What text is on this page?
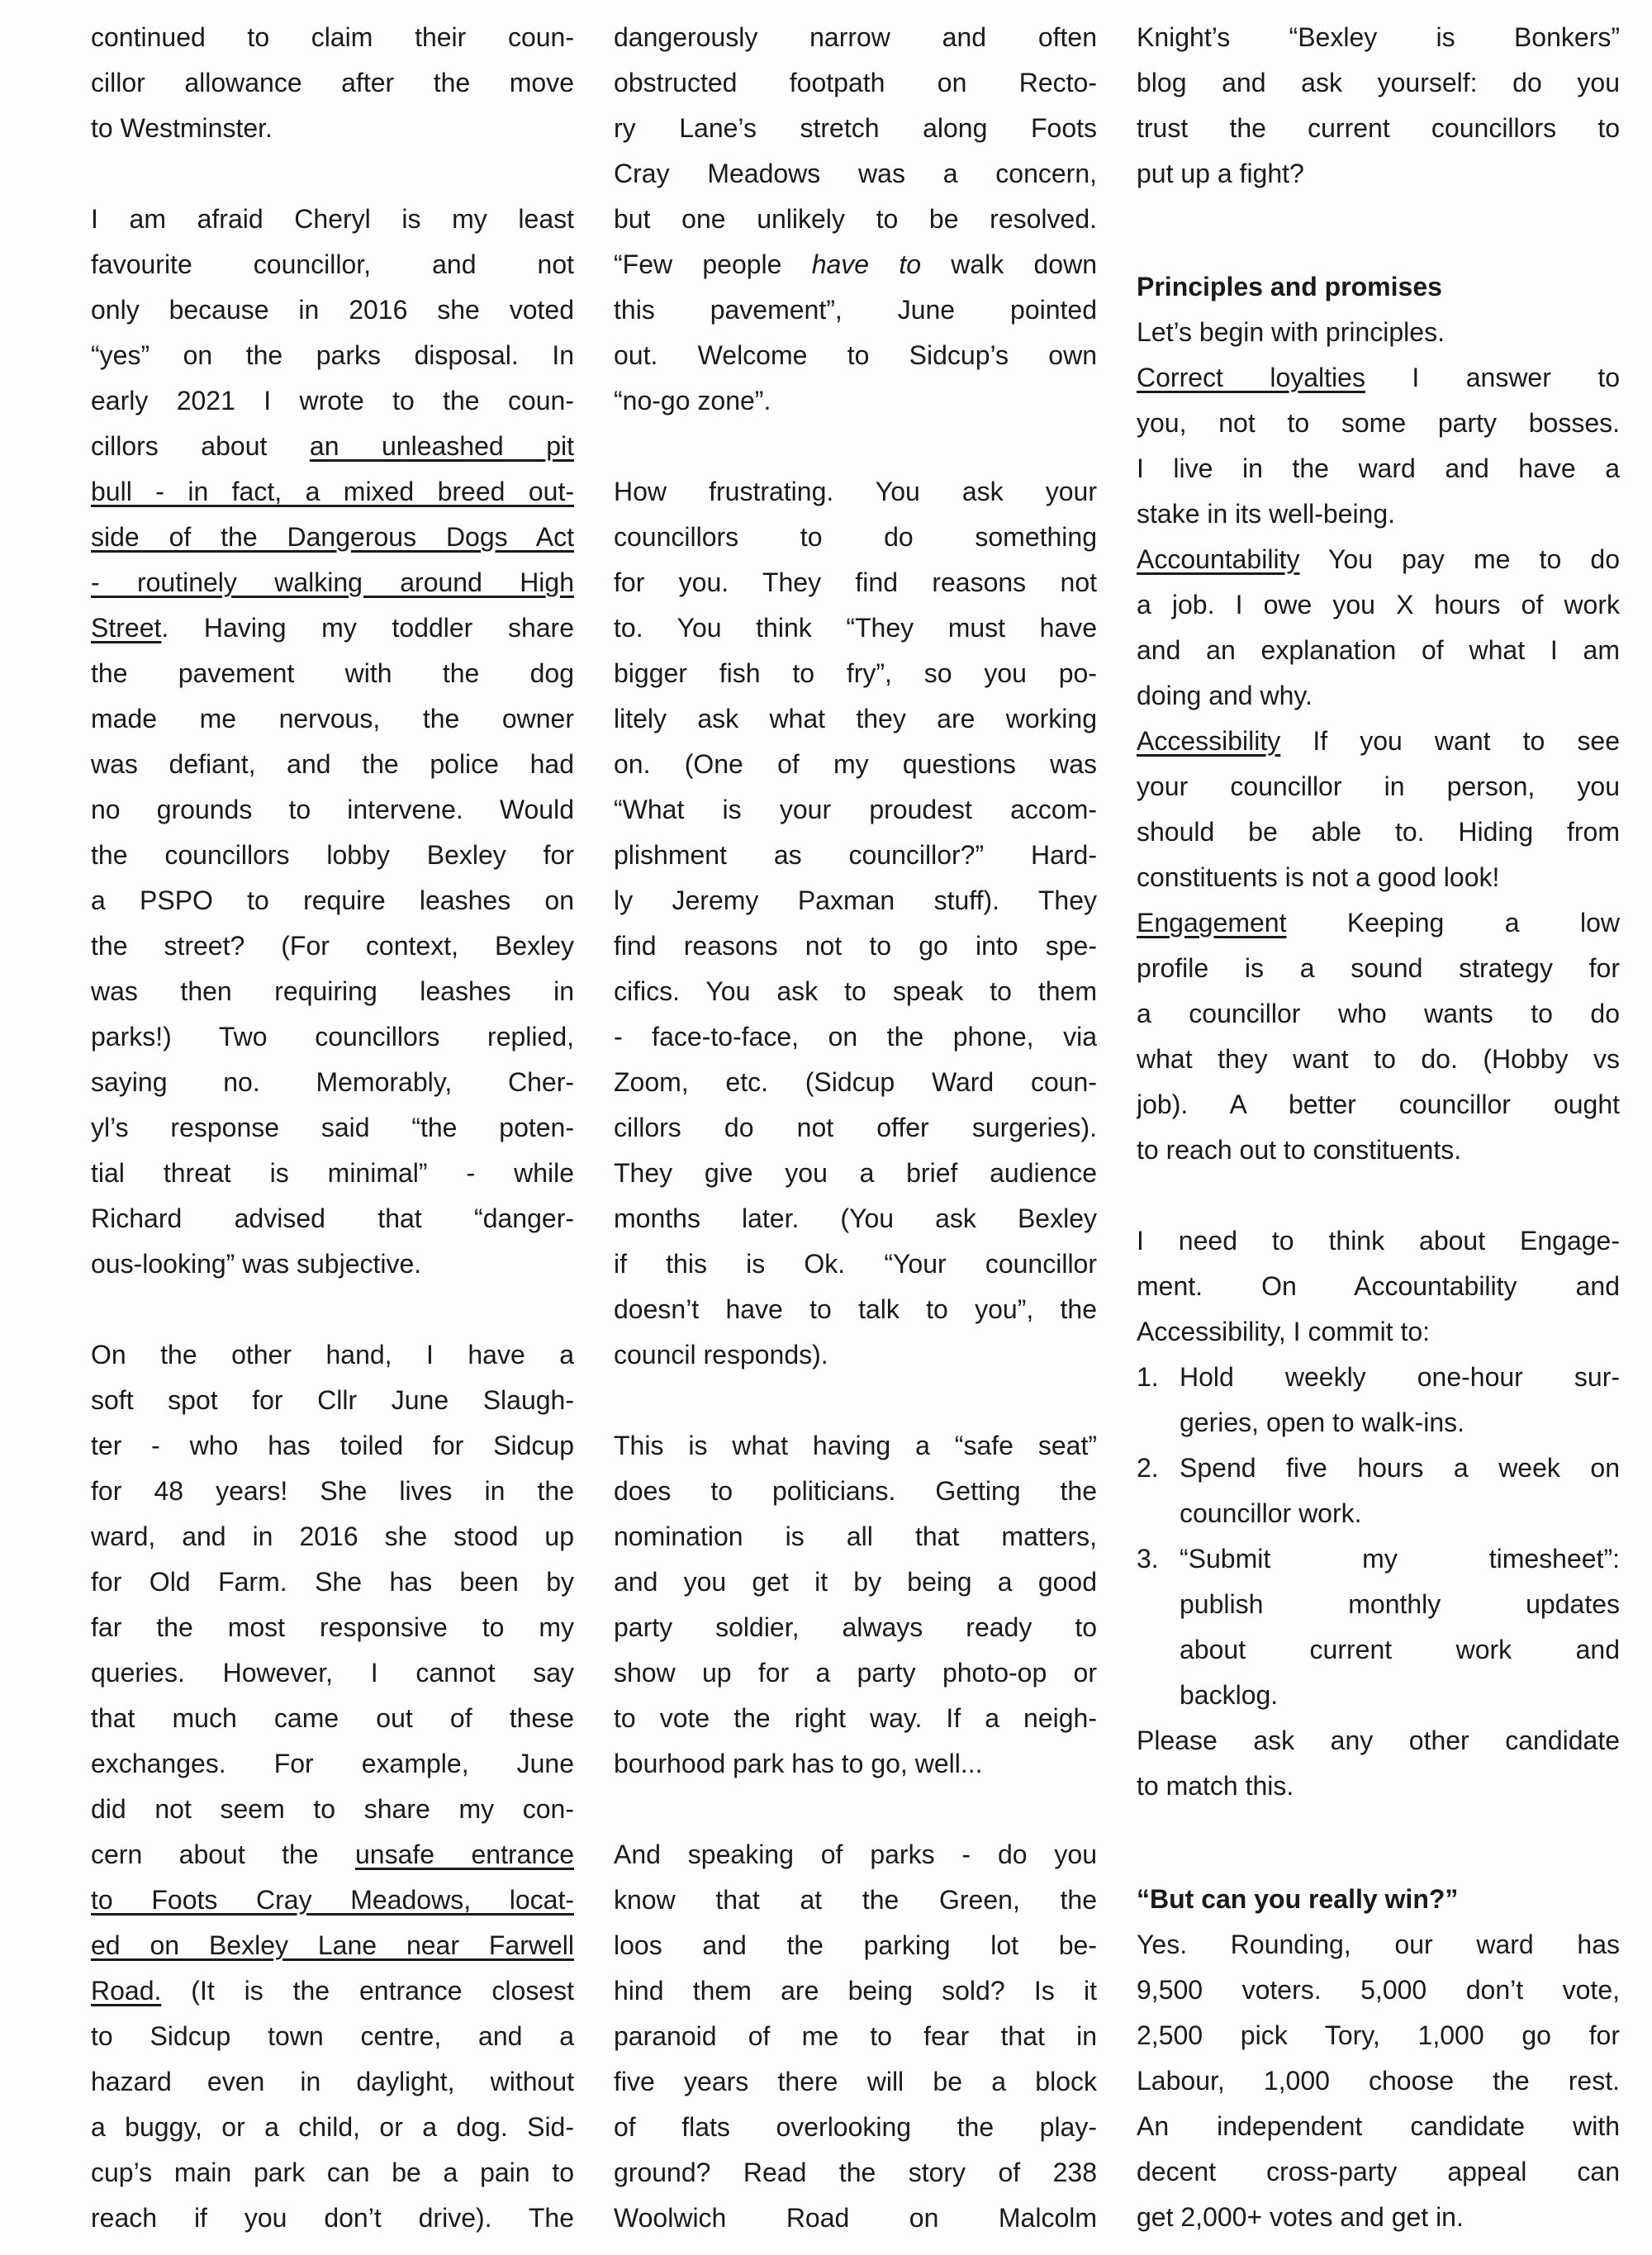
continued to claim their coun-
cillor allowance after the move
to Westminster.
I am afraid Cheryl is my least
favourite councillor, and not
only because in 2016 she voted
“yes” on the parks disposal. In
early 2021 I wrote to the coun-
cillors about an unleashed pit
bull - in fact, a mixed breed out-
side of the Dangerous Dogs Act
- routinely walking around High
Street. Having my toddler share
the pavement with the dog
made me nervous, the owner
was defiant, and the police had
no grounds to intervene. Would
the councillors lobby Bexley for
a PSPO to require leashes on
the street? (For context, Bexley
was then requiring leashes in
parks!) Two councillors replied,
saying no. Memorably, Cher-
yl’s response said “the poten-
tial threat is minimal” - while
Richard advised that “danger-
ous-looking” was subjective.
On the other hand, I have a
soft spot for Cllr June Slaugh-
ter - who has toiled for Sidcup
for 48 years! She lives in the
ward, and in 2016 she stood up
for Old Farm. She has been by
far the most responsive to my
queries. However, I cannot say
that much came out of these
exchanges. For example, June
did not seem to share my con-
cern about the unsafe entrance
to Foots Cray Meadows, locat-
ed on Bexley Lane near Farwell
Road. (It is the entrance closest
to Sidcup town centre, and a
hazard even in daylight, without
a buggy, or a child, or a dog. Sid-
cup’s main park can be a pain to
reach if you don’t drive). The
dangerously narrow and often
obstructed footpath on Recto-
ry Lane’s stretch along Foots
Cray Meadows was a concern,
but one unlikely to be resolved.
“Few people have to walk down
this pavement”, June pointed
out. Welcome to Sidcup’s own
“no-go zone”.
How frustrating. You ask your
councillors to do something
for you. They find reasons not
to. You think “They must have
bigger fish to fry”, so you po-
litely ask what they are working
on. (One of my questions was
“What is your proudest accom-
plishment as councillor?” Hard-
ly Jeremy Paxman stuff). They
find reasons not to go into spe-
cifics. You ask to speak to them
- face-to-face, on the phone, via
Zoom, etc. (Sidcup Ward coun-
cillors do not offer surgeries).
They give you a brief audience
months later. (You ask Bexley
if this is Ok. “Your councillor
doesn’t have to talk to you”, the
council responds).
This is what having a “safe seat”
does to politicians. Getting the
nomination is all that matters,
and you get it by being a good
party soldier, always ready to
show up for a party photo-op or
to vote the right way. If a neigh-
bourhood park has to go, well...
And speaking of parks - do you
know that at the Green, the
loos and the parking lot be-
hind them are being sold? Is it
paranoid of me to fear that in
five years there will be a block
of flats overlooking the play-
ground? Read the story of 238
Woolwich Road on Malcolm
Knight’s “Bexley is Bonkers”
blog and ask yourself: do you
trust the current councillors to
put up a fight?
Principles and promises
Let’s begin with principles.
Correct loyalties I answer to
you, not to some party bosses.
I live in the ward and have a
stake in its well-being.
Accountability You pay me to do
a job. I owe you X hours of work
and an explanation of what I am
doing and why.
Accessibility If you want to see
your councillor in person, you
should be able to. Hiding from
constituents is not a good look!
Engagement Keeping a low
profile is a sound strategy for
a councillor who wants to do
what they want to do. (Hobby vs
job). A better councillor ought
to reach out to constituents.
I need to think about Engage-
ment. On Accountability and
Accessibility, I commit to:
1. Hold weekly one-hour sur-
geries, open to walk-ins.
2. Spend five hours a week on
councillor work.
3. “Submit my timesheet”:
publish monthly updates
about current work and
backlog.
Please ask any other candidate
to match this.
“But can you really win?”
Yes. Rounding, our ward has
9,500 voters. 5,000 don’t vote,
2,500 pick Tory, 1,000 go for
Labour, 1,000 choose the rest.
An independent candidate with
decent cross-party appeal can
get 2,000+ votes and get in.
